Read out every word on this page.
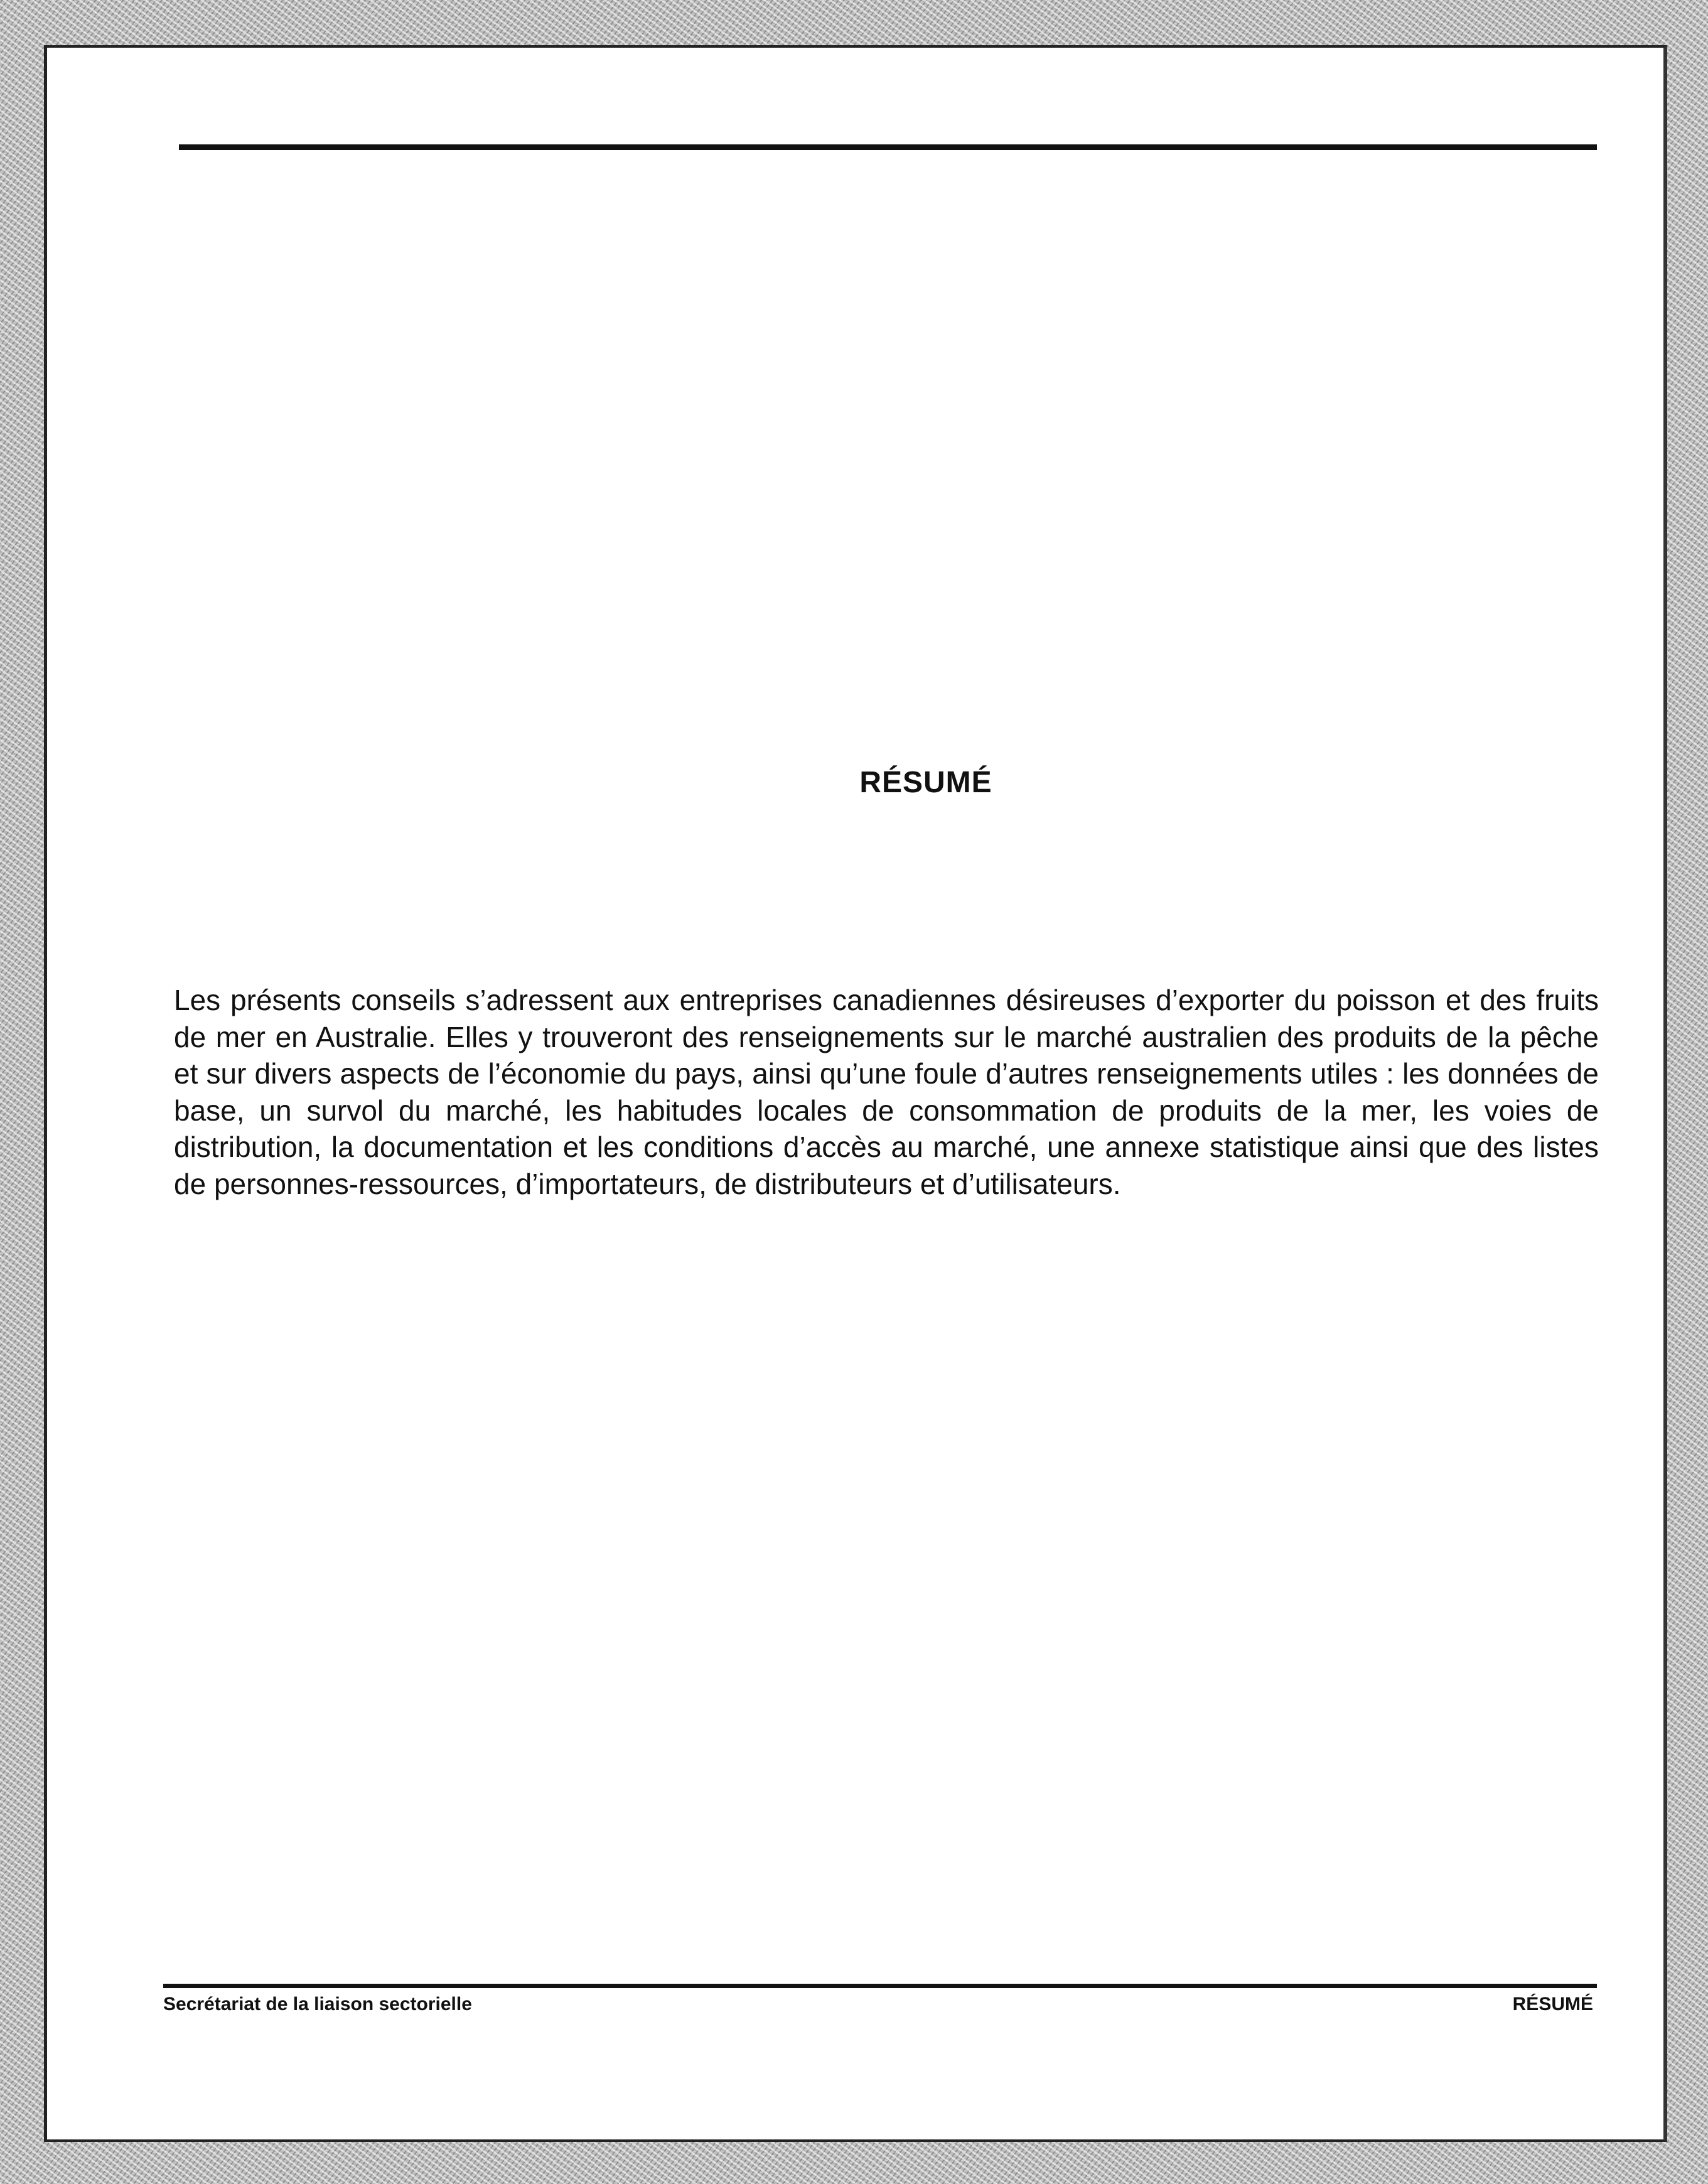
RÉSUMÉ
Les présents conseils s’adressent aux entreprises canadiennes désireuses d’exporter du poisson et des fruits de mer en Australie. Elles y trouveront des renseignements sur le marché australien des produits de la pêche et sur divers aspects de l’économie du pays, ainsi qu’une foule d’autres renseignements utiles : les données de base, un survol du marché, les habitudes locales de consommation de produits de la mer, les voies de distribution, la documentation et les conditions d’accès au marché, une annexe statistique ainsi que des listes de personnes-ressources, d’importateurs, de distributeurs et d’utilisateurs.
Secrétariat de la liaison sectorielle	RÉSUMÉ
